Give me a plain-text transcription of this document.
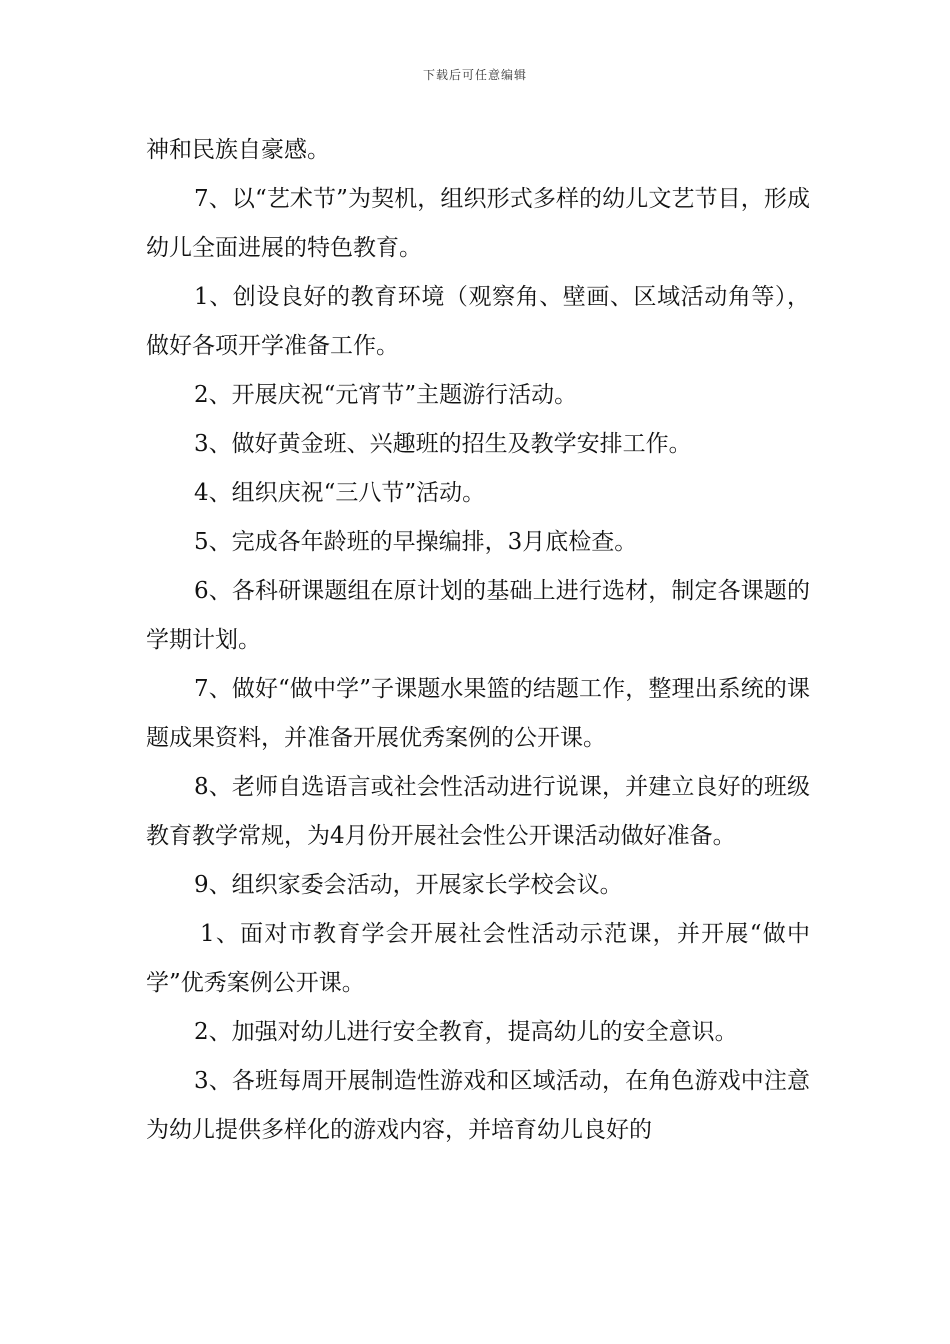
下载后可任意编辑

神和民族自豪感。

7、以“艺术节”为契机，组织形式多样的幼儿文艺节目，形成幼儿全面进展的特色教育。

1、创设良好的教育环境（观察角、壁画、区域活动角等），做好各项开学准备工作。

2、开展庆祝“元宵节”主题游行活动。

3、做好黄金班、兴趣班的招生及教学安排工作。

4、组织庆祝“三八节”活动。

5、完成各年龄班的早操编排，3月底检查。

6、各科研课题组在原计划的基础上进行选材，制定各课题的学期计划。

7、做好“做中学”子课题水果篮的结题工作，整理出系统的课题成果资料，并准备开展优秀案例的公开课。

8、老师自选语言或社会性活动进行说课，并建立良好的班级教育教学常规，为4月份开展社会性公开课活动做好准备。

9、组织家委会活动，开展家长学校会议。

1、面对市教育学会开展社会性活动示范课，并开展“做中学”优秀案例公开课。

2、加强对幼儿进行安全教育，提高幼儿的安全意识。

3、各班每周开展制造性游戏和区域活动，在角色游戏中注意为幼儿提供多样化的游戏内容，并培育幼儿良好的
